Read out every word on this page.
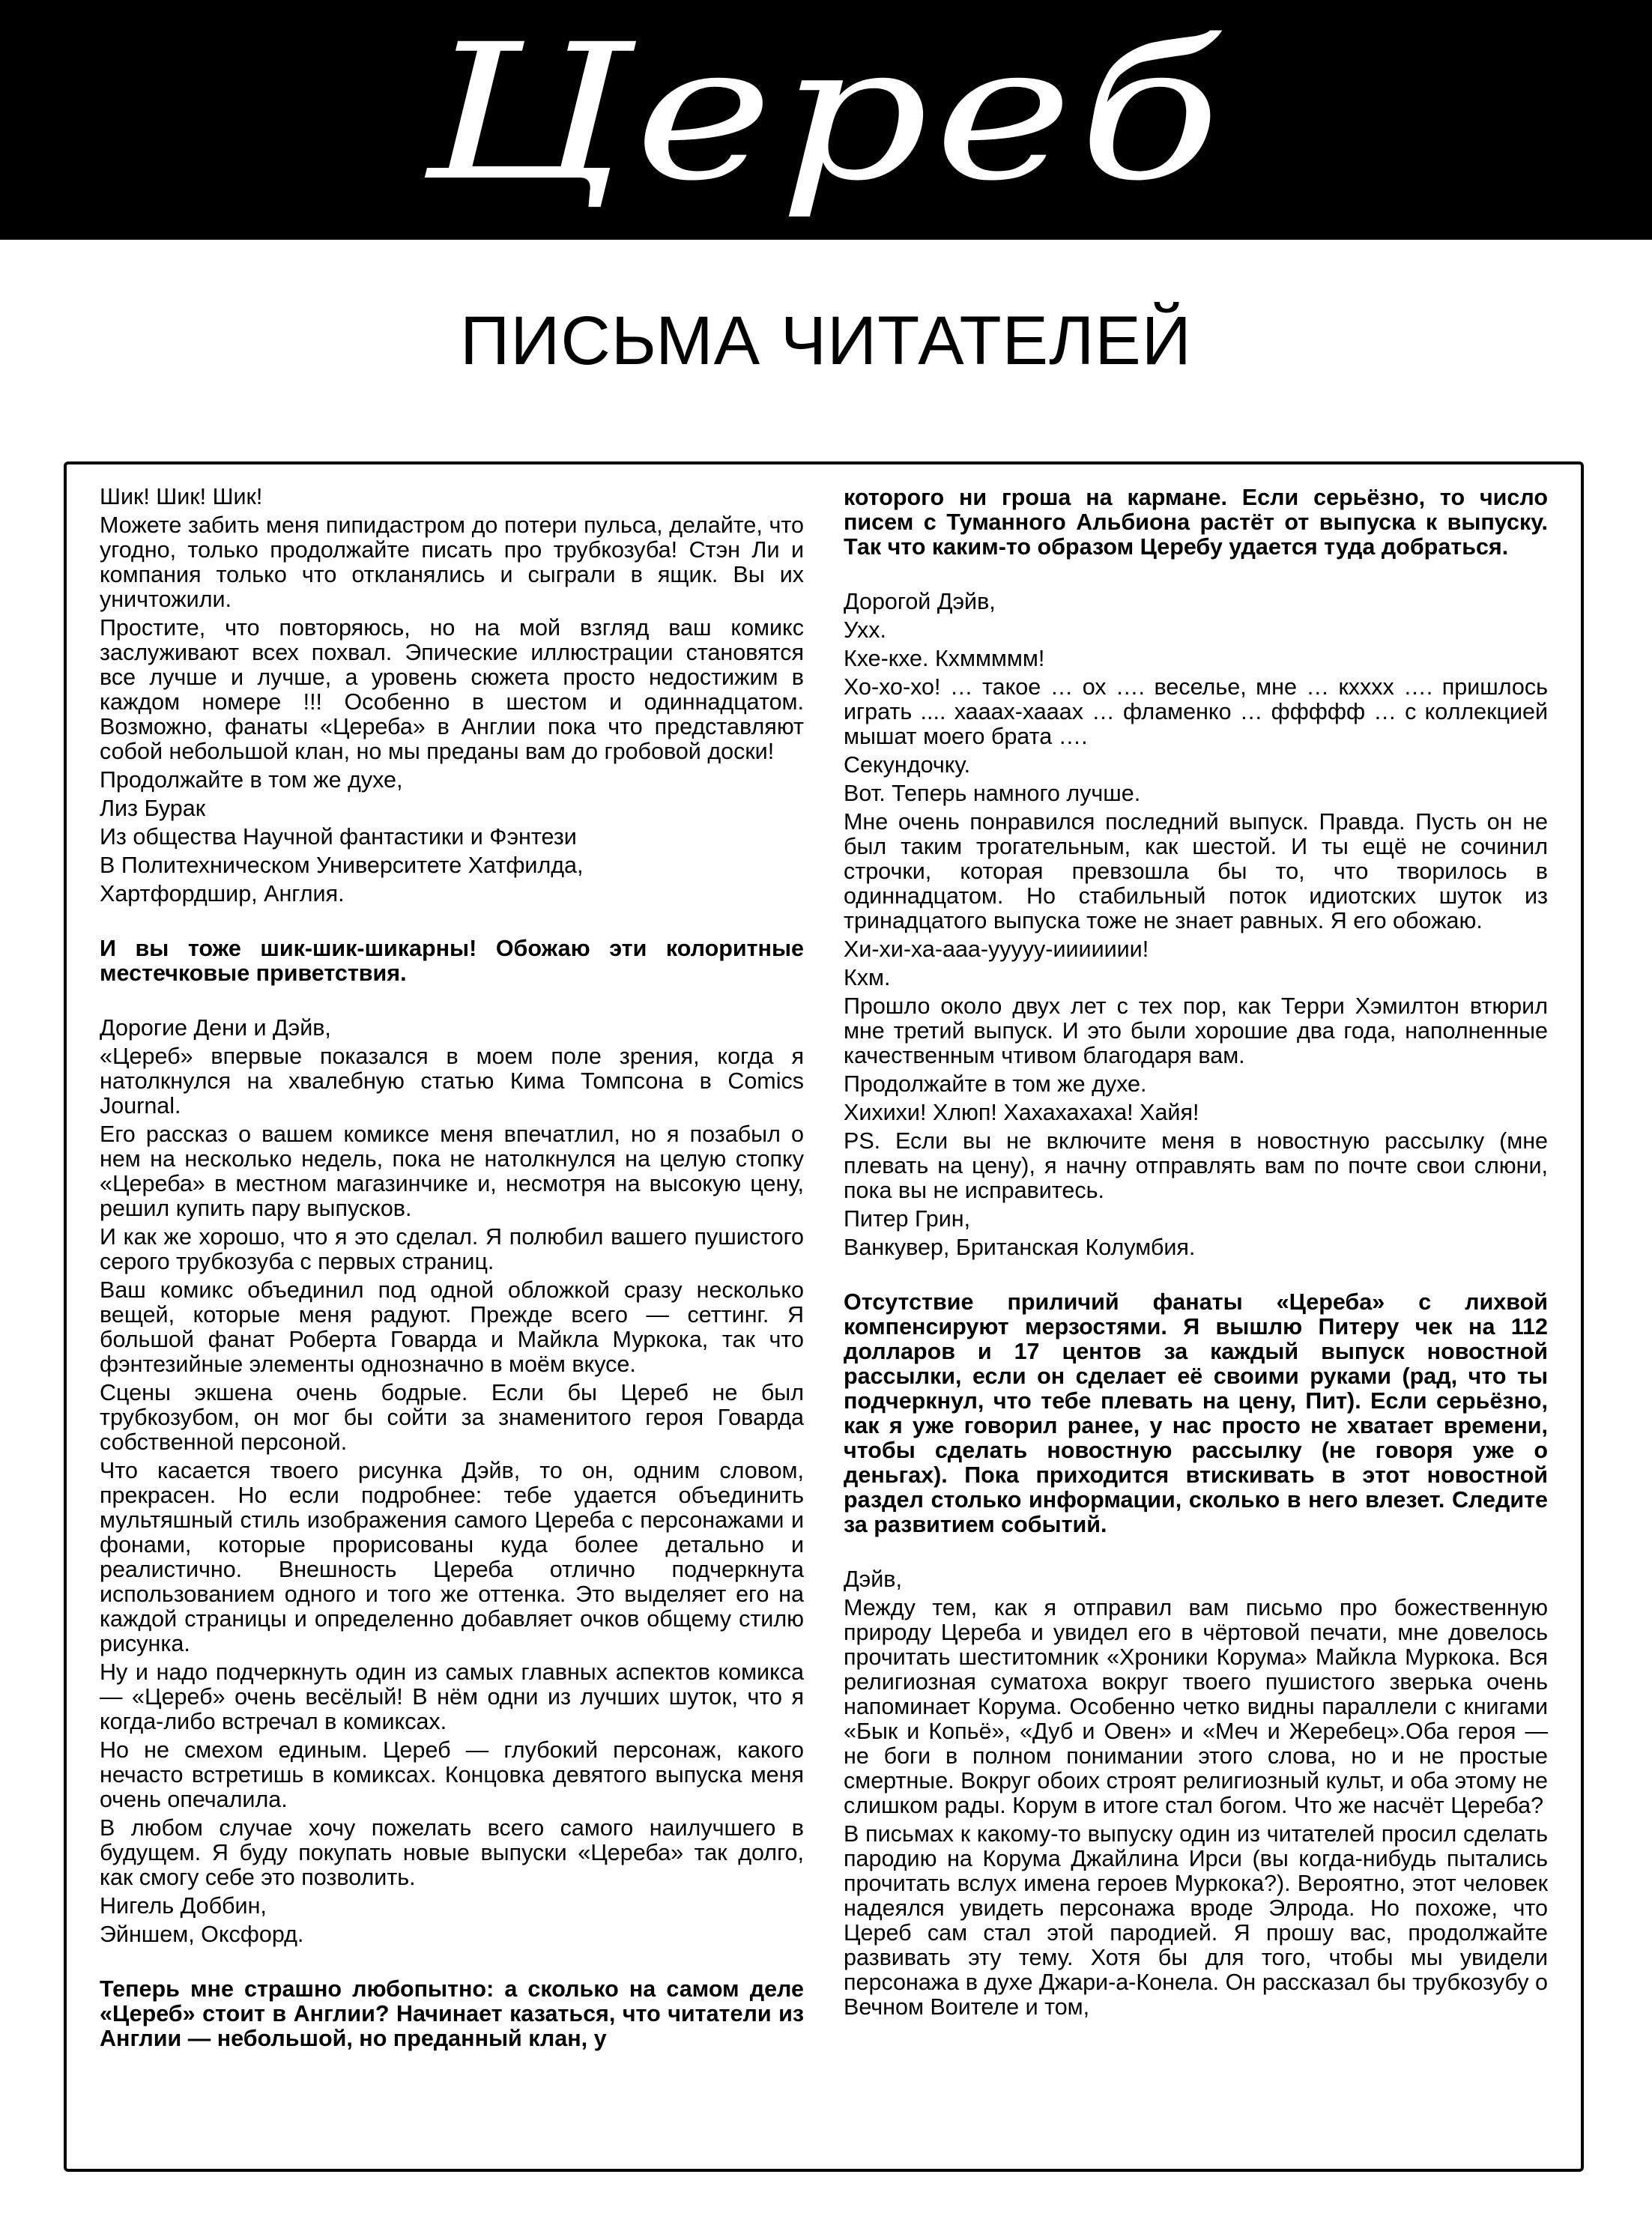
Цереб
ПИСЬМА ЧИТАТЕЛЕЙ

Шик! Шик! Шик!

Можете забить меня пипидастром до потери пульса, делайте, что угодно, только продолжайте писать про трубкозуба! Стэн Ли и компания только что откланялись и сыграли в ящик. Вы их уничтожили.

Простите, что повторяюсь, но на мой взгляд ваш комикс заслуживают всех похвал. Эпические иллюстрации становятся все лучше и лучше, а уровень сюжета просто недостижим в каждом номере !!! Особенно в шестом и одиннадцатом. Возможно, фанаты «Цереба» в Англии пока что представляют собой небольшой клан, но мы преданы вам до гробовой доски!

Продолжайте в том же духе,

Лиз Бурак

Из общества Научной фантастики и Фэнтези

В Политехническом Университете Хатфилда,

Хартфордшир, Англия.

И вы тоже шик-шик-шикарны! Обожаю эти колоритные местечковые приветствия.

Дорогие Дени и Дэйв,

«Цереб» впервые показался в моем поле зрения, когда я натолкнулся на хвалебную статью Кима Томпсона в Comics Journal.

Его рассказ о вашем комиксе меня впечатлил, но я позабыл о нем на несколько недель, пока не натолкнулся на целую стопку «Цереба» в местном магазинчике и, несмотря на высокую цену, решил купить пару выпусков.

И как же хорошо, что я это сделал. Я полюбил вашего пушистого серого трубкозуба с первых страниц.

Ваш комикс объединил под одной обложкой сразу несколько вещей, которые меня радуют. Прежде всего — сеттинг. Я большой фанат Роберта Говарда и Майкла Муркока, так что фэнтезийные элементы однозначно в моём вкусе.

Сцены экшена очень бодрые. Если бы Цереб не был трубкозубом, он мог бы сойти за знаменитого героя Говарда собственной персоной.

Что касается твоего рисунка Дэйв, то он, одним словом, прекрасен. Но если подробнее: тебе удается объединить мультяшный стиль изображения самого Цереба с персонажами и фонами, которые прорисованы куда более детально и реалистично. Внешность Цереба отлично подчеркнута использованием одного и того же оттенка. Это выделяет его на каждой страницы и определенно добавляет очков общему стилю рисунка.

Ну и надо подчеркнуть один из самых главных аспектов комикса — «Цереб» очень весёлый! В нём одни из лучших шуток, что я когда-либо встречал в комиксах.

Но не смехом единым. Цереб — глубокий персонаж, какого нечасто встретишь в комиксах. Концовка девятого выпуска меня очень опечалила.

В любом случае хочу пожелать всего самого наилучшего в будущем. Я буду покупать новые выпуски «Цереба» так долго, как смогу себе это позволить.

Нигель Доббин,

Эйншем, Оксфорд.

Теперь мне страшно любопытно: а сколько на самом деле «Цереб» стоит в Англии? Начинает казаться, что читатели из Англии — небольшой, но преданный клан, у

которого ни гроша на кармане. Если серьёзно, то число писем с Туманного Альбиона растёт от выпуска к выпуску. Так что каким-то образом Церебу удается туда добраться.

Дорогой Дэйв,

Ухх.

Кхе-кхе. Кхммммм!

Хо-хо-хо! … такое … ох …. веселье, мне … кхххх …. пришлось играть .... хааах-хааах … фламенко … ффффф … с коллекцией мышат моего брата ….

Секундочку.

Вот. Теперь намного лучше.

Мне очень понравился последний выпуск. Правда. Пусть он не был таким трогательным, как шестой. И ты ещё не сочинил строчки, которая превзошла бы то, что творилось в одиннадцатом. Но стабильный поток идиотских шуток из тринадцатого выпуска тоже не знает равных. Я его обожаю.

Хи-хи-ха-ааа-ууууу-иииииии!

Кхм.

Прошло около двух лет с тех пор, как Терри Хэмилтон втюрил мне третий выпуск. И это были хорошие два года, наполненные качественным чтивом благодаря вам.

Продолжайте в том же духе.

Хихихи! Хлюп! Хахахахаха! Хайя!

PS. Если вы не включите меня в новостную рассылку (мне плевать на цену), я начну отправлять вам по почте свои слюни, пока вы не исправитесь.

Питер Грин,

Ванкувер, Британская Колумбия.

Отсутствие приличий фанаты «Цереба» с лихвой компенсируют мерзостями. Я вышлю Питеру чек на 112 долларов и 17 центов за каждый выпуск новостной рассылки, если он сделает её своими руками (рад, что ты подчеркнул, что тебе плевать на цену, Пит). Если серьёзно, как я уже говорил ранее, у нас просто не хватает времени, чтобы сделать новостную рассылку (не говоря уже о деньгах). Пока приходится втискивать в этот новостной раздел столько информации, сколько в него влезет. Следите за развитием событий.

Дэйв,

Между тем, как я отправил вам письмо про божественную природу Цереба и увидел его в чёртовой печати, мне довелось прочитать шеститомник «Хроники Корума» Майкла Муркока. Вся религиозная суматоха вокруг твоего пушистого зверька очень напоминает Корума. Особенно четко видны параллели с книгами «Бык и Копьё», «Дуб и Овен» и «Меч и Жеребец».Оба героя — не боги в полном понимании этого слова, но и не простые смертные. Вокруг обоих строят религиозный культ, и оба этому не слишком рады. Корум в итоге стал богом. Что же насчёт Цереба?

В письмах к какому-то выпуску один из читателей просил сделать пародию на Корума Джайлина Ирси (вы когда-нибудь пытались прочитать вслух имена героев Муркока?). Вероятно, этот человек надеялся увидеть персонажа вроде Элрода. Но похоже, что Цереб сам стал этой пародией. Я прошу вас, продолжайте развивать эту тему. Хотя бы для того, чтобы мы увидели персонажа в духе Джари-а-Конела. Он рассказал бы трубкозубу о Вечном Воителе и том,
